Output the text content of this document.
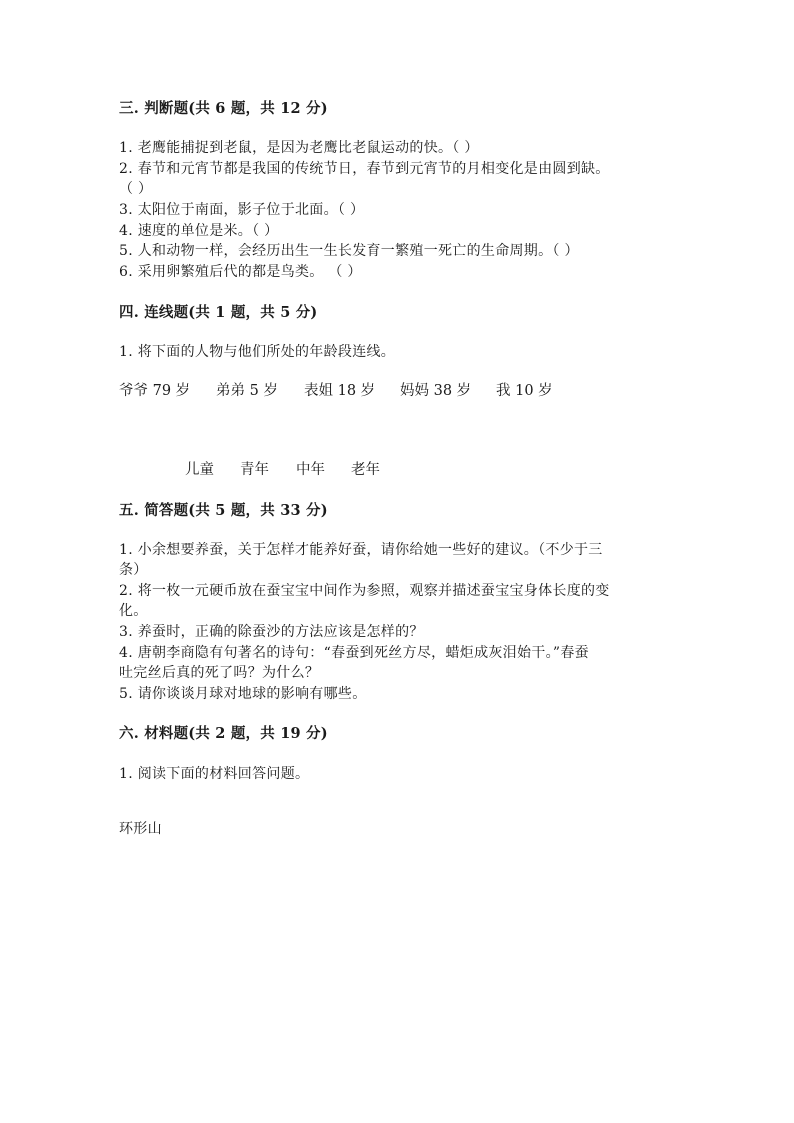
三. 判断题(共 6 题，共 12 分)
1. 老鹰能捕捉到老鼠，是因为老鹰比老鼠运动的快。（ ）
2. 春节和元宵节都是我国的传统节日，春节到元宵节的月相变化是由圆到缺。
（ ）
3. 太阳位于南面，影子位于北面。（ ）
4. 速度的单位是米。（ ）
5. 人和动物一样，会经历出生一生长发育一繁殖一死亡的生命周期。（ ）
6. 采用卵繁殖后代的都是鸟类。 （ ）
四. 连线题(共 1 题，共 5 分)
1. 将下面的人物与他们所处的年龄段连线。
爷爷 79 岁 弟弟 5 岁 表姐 18 岁 妈妈 38 岁 我 10 岁
儿童 青年 中年 老年
五. 简答题(共 5 题，共 33 分)
1. 小余想要养蚕，关于怎样才能养好蚕，请你给她一些好的建议。（不少于三
条）
2. 将一枚一元硬币放在蚕宝宝中间作为参照，观察并描述蚕宝宝身体长度的变
化。
3. 养蚕时，正确的除蚕沙的方法应该是怎样的？
4. 唐朝李商隐有句著名的诗句：“春蚕到死丝方尽，蜡炬成灰泪始干。”春蚕
吐完丝后真的死了吗？为什么？
5. 请你谈谈月球对地球的影响有哪些。
六. 材料题(共 2 题，共 19 分)
1. 阅读下面的材料回答问题。
环形山
